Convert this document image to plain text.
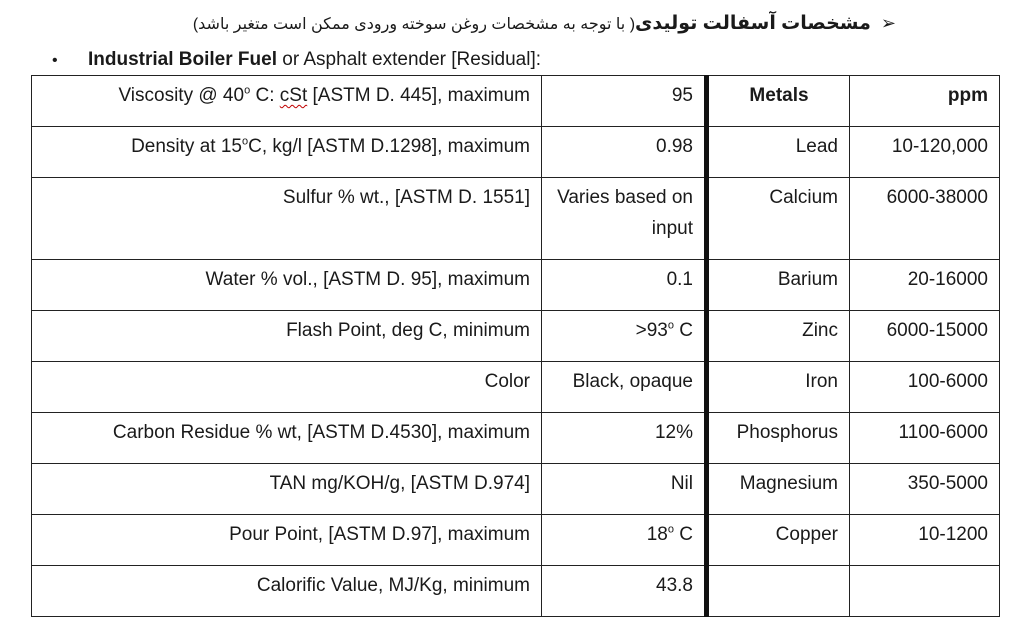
➢مشخصات آسفالت تولیدی( با توجه به مشخصات روغن سوخته ورودی ممکن است متغیر باشد)
• Industrial Boiler Fuel or Asphalt extender [Residual]:
Viscosity @ 40$^o$ C: cSt [ASTM D. 445], maximum	95	Metals	ppm
Density at 15$^o$C, kg/l [ASTM D.1298], maximum	0.98	Lead	10-120,000
Sulfur % wt., [ASTM D. 1551]	Varies based on input	Calcium	6000-38000
Water % vol., [ASTM D. 95], maximum	0.1	Barium	20-16000
Flash Point, deg C, minimum	$>93^o$ C	Zinc	6000-15000
Color	Black, opaque	Iron	100-6000
Carbon Residue % wt, [ASTM D.4530], maximum	12%	Phosphorus	1100-6000
TAN mg/KOH/g, [ASTM D.974]	Nil	Magnesium	350-5000
Pour Point, [ASTM D.97], maximum	18$^o$ C	Copper	10-1200
Calorific Value, MJ/Kg, minimum	43.8		
